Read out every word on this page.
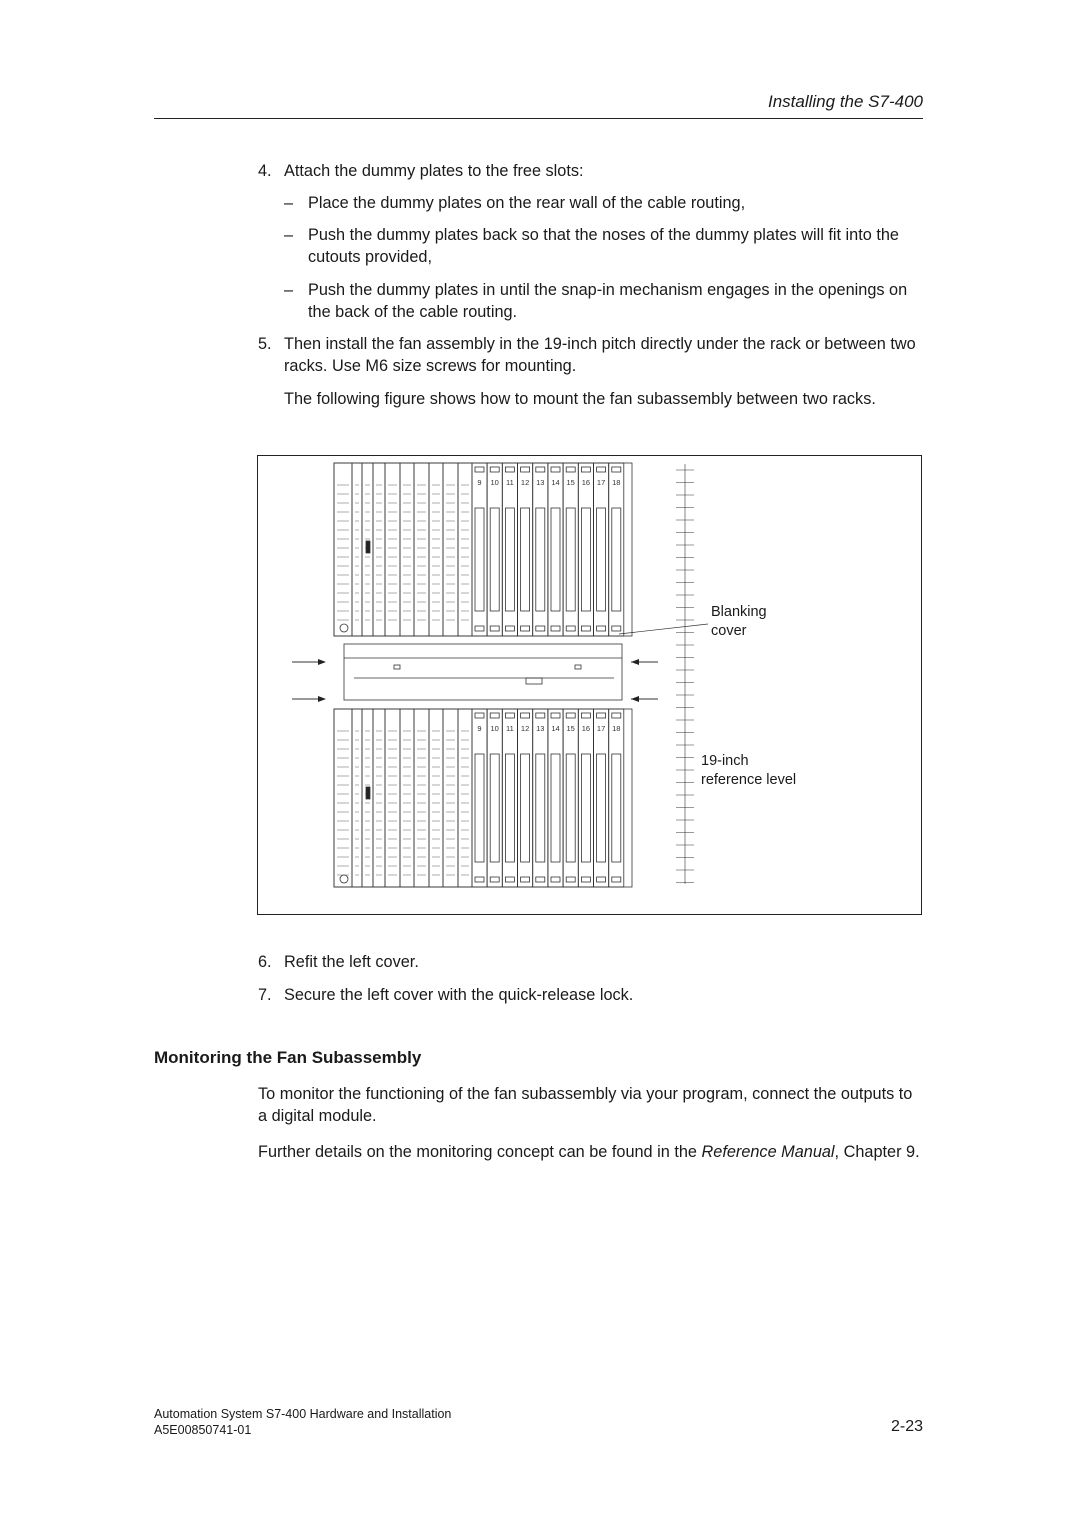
Installing the S7-400
4. Attach the dummy plates to the free slots:
– Place the dummy plates on the rear wall of the cable routing,
– Push the dummy plates back so that the noses of the dummy plates will fit into the cutouts provided,
– Push the dummy plates in until the snap-in mechanism engages in the openings on the back of the cable routing.
5. Then install the fan assembly in the 19-inch pitch directly under the rack or between two racks. Use M6 size screws for mounting.

The following figure shows how to mount the fan subassembly between two racks.

9 10 11 12 13 14 15 16 17 18
9 10 11 12 13 14 15 16 17 18
Blanking
cover
19-inch
reference level
6. Refit the left cover.
7. Secure the left cover with the quick-release lock.
Monitoring the Fan Subassembly

To monitor the functioning of the fan subassembly via your program, connect the outputs to a digital module.

Further details on the monitoring concept can be found in the Reference Manual, Chapter 9.

Automation System S7-400 Hardware and Installation
A5E00850741-01	2-23
